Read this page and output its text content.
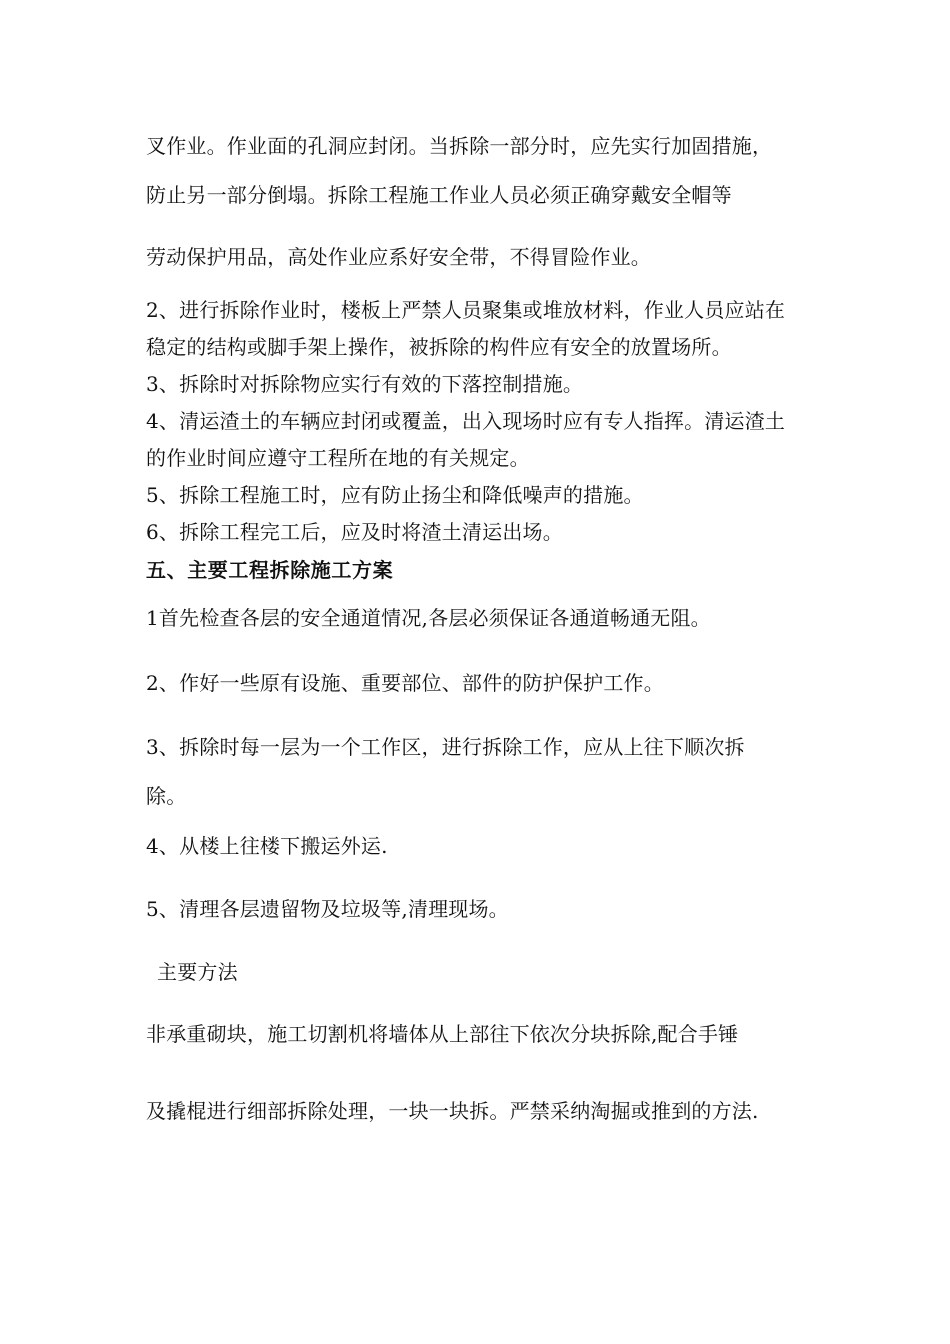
叉作业。作业面的孔洞应封闭。当拆除一部分时，应先实行加固措施，
防止另一部分倒塌。拆除工程施工作业人员必须正确穿戴安全帽等
劳动保护用品，高处作业应系好安全带，不得冒险作业。
2、进行拆除作业时，楼板上严禁人员聚集或堆放材料，作业人员应站在
稳定的结构或脚手架上操作，被拆除的构件应有安全的放置场所。
3、拆除时对拆除物应实行有效的下落控制措施。
4、清运渣土的车辆应封闭或覆盖，出入现场时应有专人指挥。清运渣土
的作业时间应遵守工程所在地的有关规定。
5、拆除工程施工时，应有防止扬尘和降低噪声的措施。
6、拆除工程完工后，应及时将渣土清运出场。
五、主要工程拆除施工方案
1首先检查各层的安全通道情况,各层必须保证各通道畅通无阻。
2、作好一些原有设施、重要部位、部件的防护保护工作。
3、拆除时每一层为一个工作区，进行拆除工作，应从上往下顺次拆
除。
4、从楼上往楼下搬运外运.
5、清理各层遗留物及垃圾等,清理现场。
主要方法
非承重砌块，施工切割机将墙体从上部往下依次分块拆除,配合手锤
及撬棍进行细部拆除处理，一块一块拆。严禁采纳淘掘或推到的方法.
